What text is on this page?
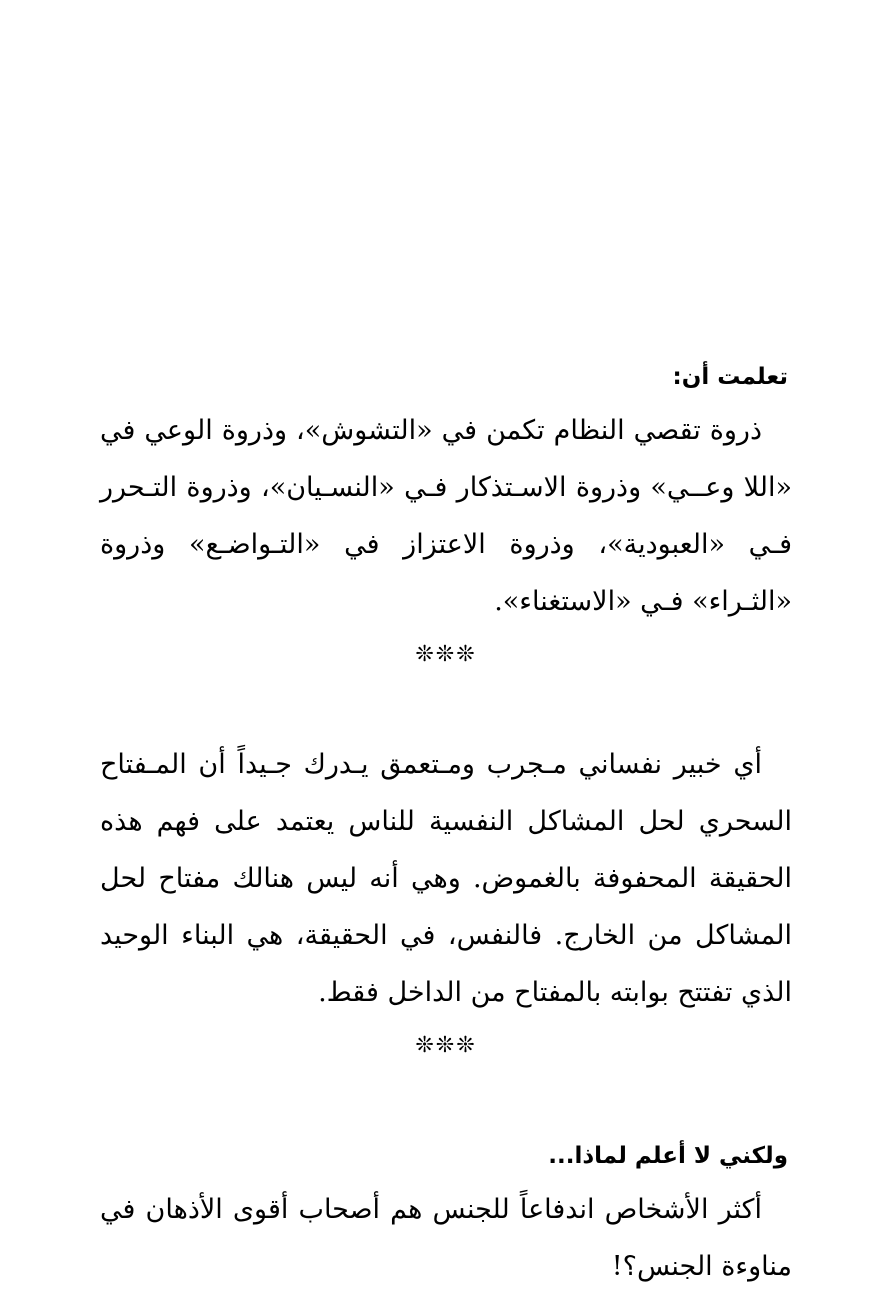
تعلمت أن:

ذروة تقصي النظام تكمن في «التشوش»، وذروة الوعي في «اللا وعــي» وذروة الاسـتذكار فـي «النسـيان»، وذروة التـحرر فـي «العبودية»، وذروة الاعتزاز في «التـواضـع» وذروة «الثـراء» فـي «الاستغناء».

❊❊❊

أي خبير نفساني مـجرب ومـتعمق يـدرك جـيداً أن المـفتاح السحري لحل المشاكل النفسية للناس يعتمد على فهم هذه الحقيقة المحفوفة بالغموض. وهي أنه ليس هنالك مفتاح لحل المشاكل من الخارج. فالنفس، في الحقيقة، هي البناء الوحيد الذي تفتتح بوابته بالمفتاح من الداخل فقط.

❊❊❊

ولكني لا أعلم لماذا...

أكثر الأشخاص اندفاعاً للجنس هم أصحاب أقوى الأذهان في مناوءة الجنس؟!
